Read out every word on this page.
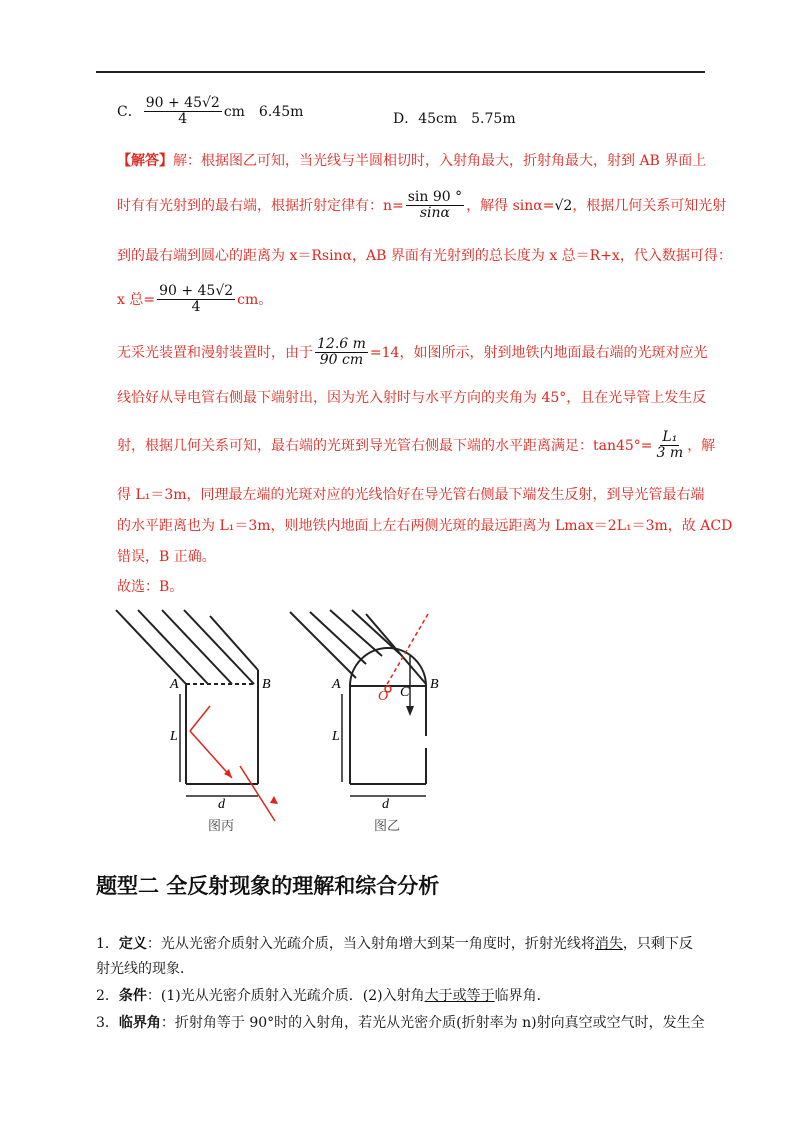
C． $\frac{90 + 45√2}{4}$ cm　6.45m	D．45cm　5.75m
【解答】解：根据图乙可知，当光线与半圆相切时，入射角最大，折射角最大，射到 AB 界面上
时有有光射到的最右端，根据折射定律有：$n= \frac{\sin 90 ^\circ}{\sin\alpha}$ ，解得 sinα=√2，根据几何关系可知光射
到的最右端到圆心的距离为 x＝Rsinα，AB 界面有光射到的总长度为 x 总＝R+x，代入数据可得：
x 总= $\frac{90 + 45√2}{4}$ cm。
无采光装置和漫射装置时，由于 $\frac{12.6 m}{90 cm} =14$，如图所示，射到地铁内地面最右端的光斑对应光
线恰好从导电管右侧最下端射出，因为光入射时与水平方向的夹角为 45°，且在光导管上发生反
射，根据几何关系可知，最右端的光斑到导光管右侧最下端的水平距离满足：$\tan 45^\circ= \frac{\text{L₁}}{3 m}$ ，解
得 L₁＝3m，同理最左端的光斑对应的光线恰好在导光管右侧最下端发生反射，到导光管最右端
的水平距离也为 L₁＝3m，则地铁内地面上左右两侧光斑的最远距离为 Lmax＝2L₁＝3m，故 ACD
错误，B 正确。
故选：B。
A	B
L
d
图丙
A	B
L
d
O C
图乙
题型二 全反射现象的理解和综合分析
1．定义：光从光密介质射入光疏介质，当入射角增大到某一角度时，折射光线将消失，只剩下反
射光线的现象．
2．条件：(1)光从光密介质射入光疏介质．(2)入射角大于或等于临界角．
3．临界角：折射角等于 90°时的入射角，若光从光密介质(折射率为 n)射向真空或空气时，发生全
